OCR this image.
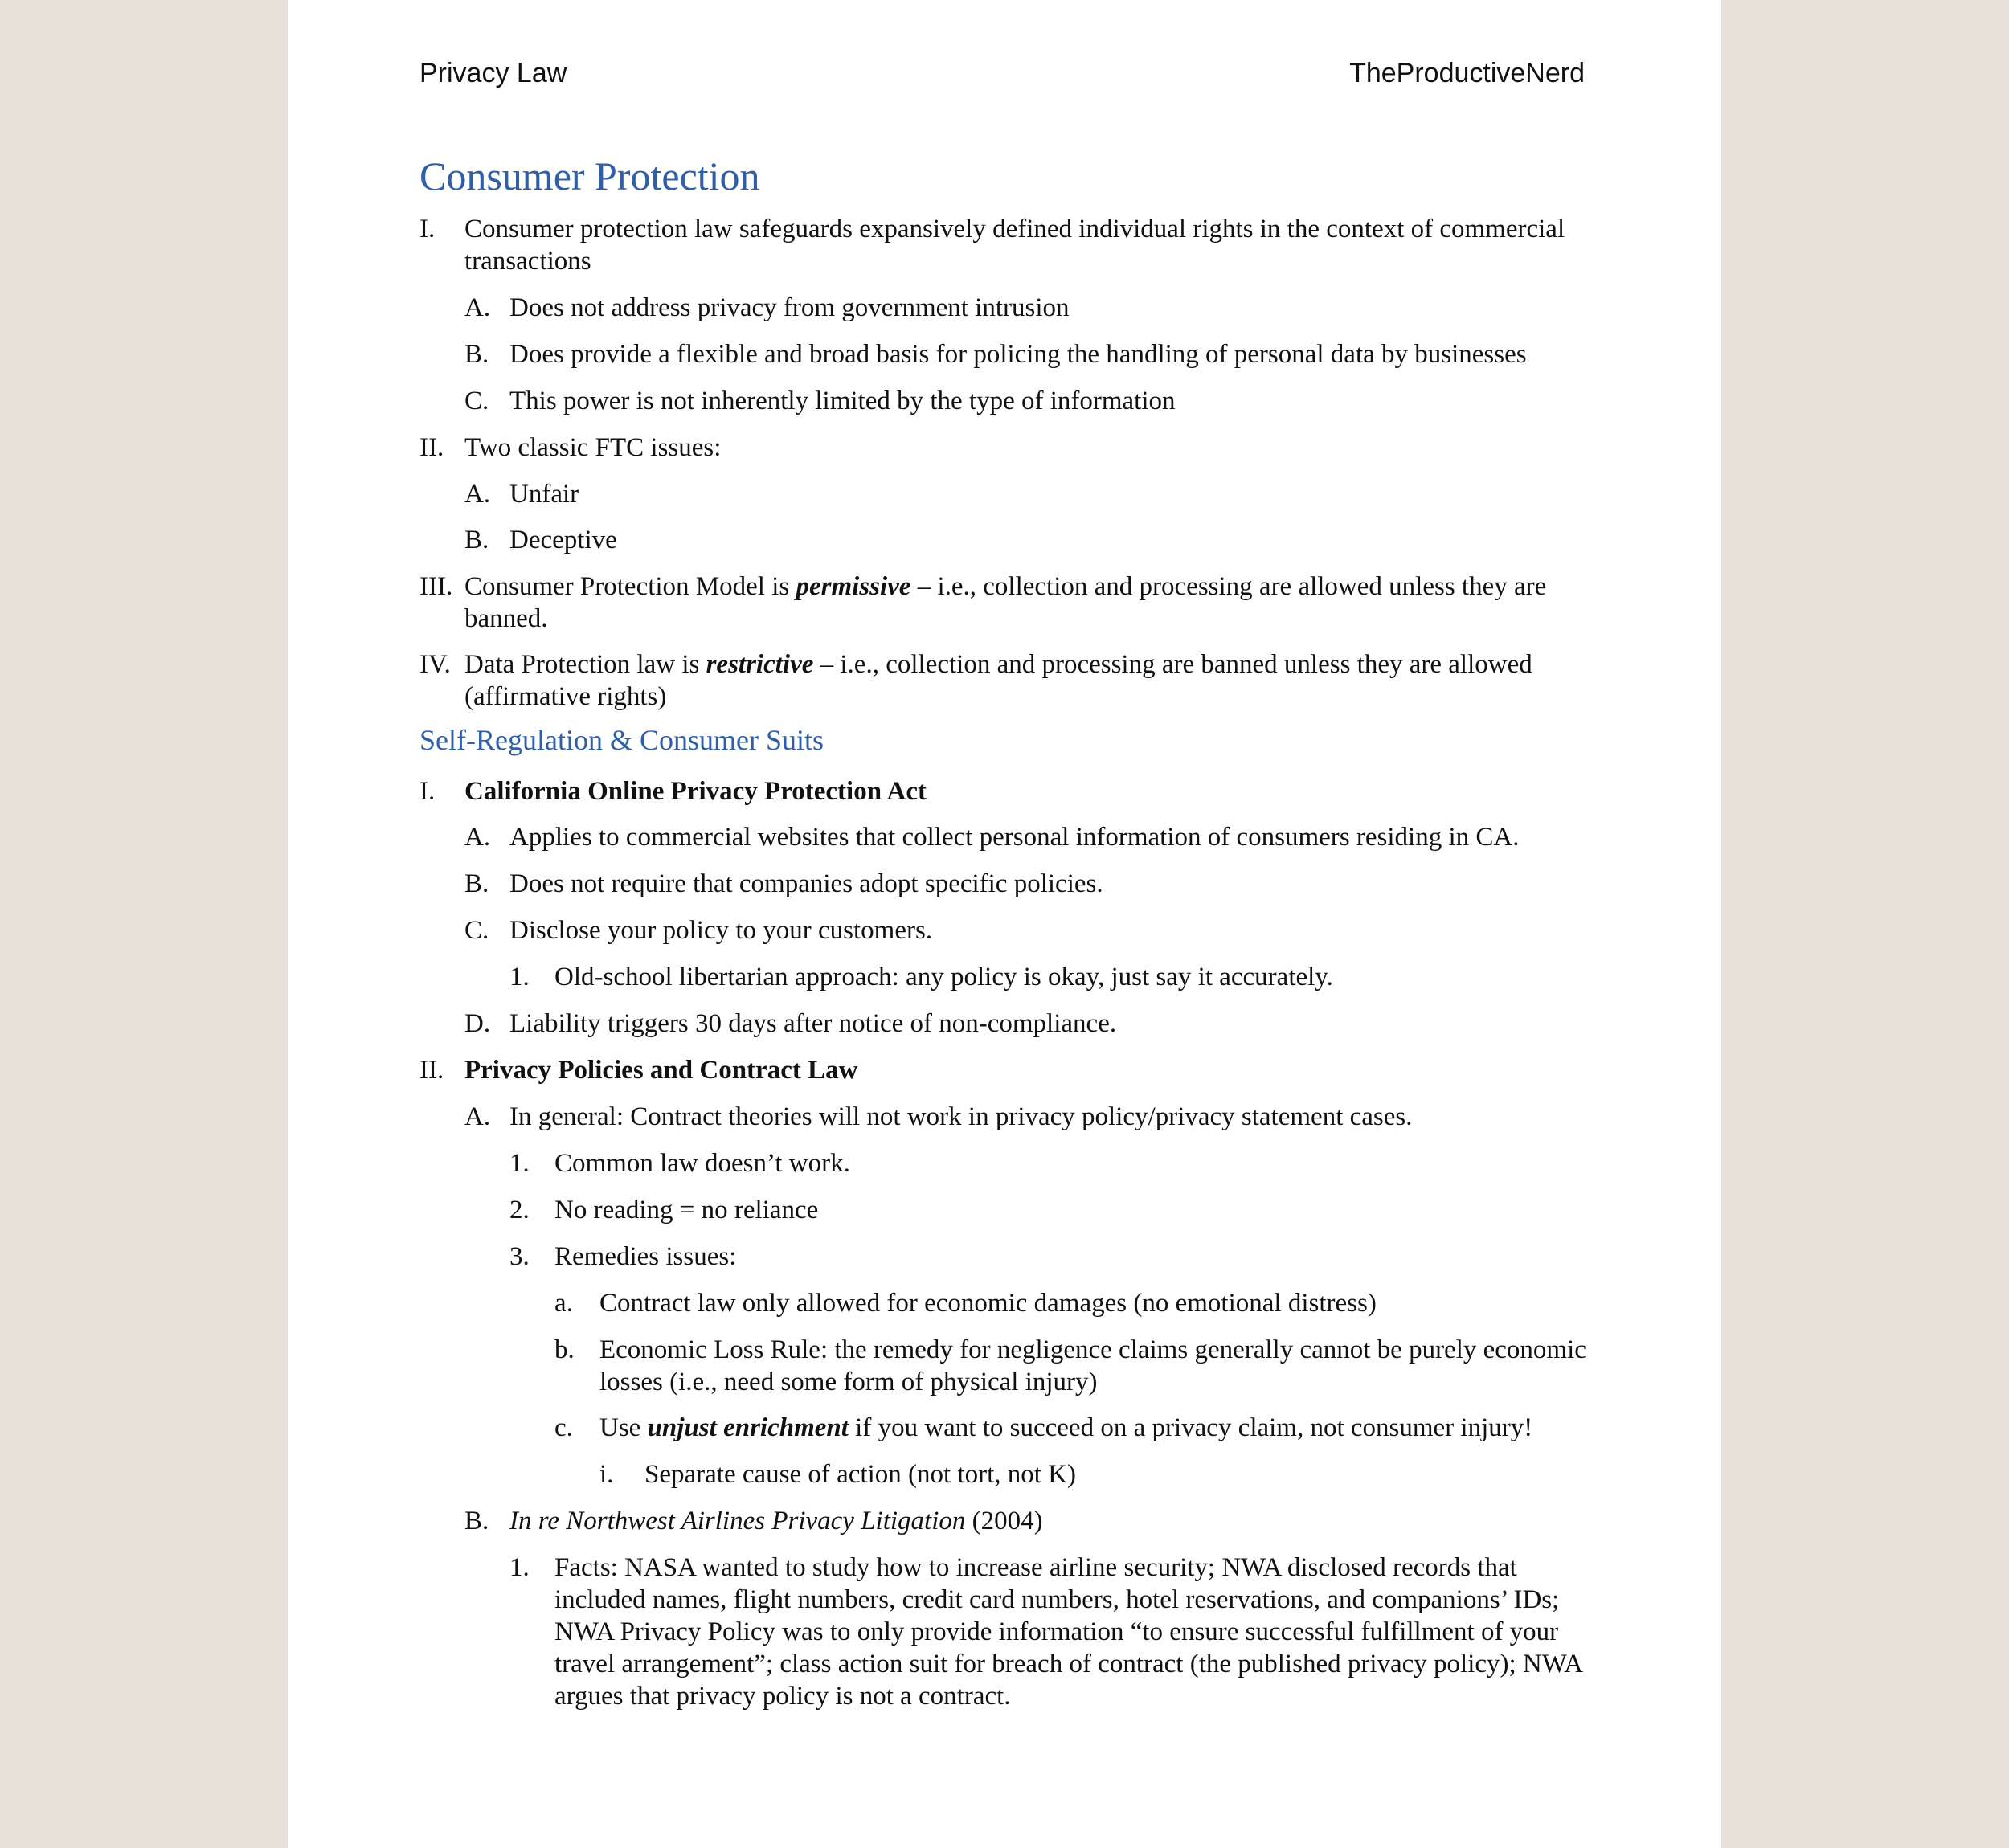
Privacy Law	TheProductiveNerd
Consumer Protection
I. Consumer protection law safeguards expansively defined individual rights in the context of commercial transactions
A. Does not address privacy from government intrusion
B. Does provide a flexible and broad basis for policing the handling of personal data by businesses
C. This power is not inherently limited by the type of information
II. Two classic FTC issues:
A. Unfair
B. Deceptive
III. Consumer Protection Model is permissive – i.e., collection and processing are allowed unless they are banned.
IV. Data Protection law is restrictive – i.e., collection and processing are banned unless they are allowed (affirmative rights)
Self-Regulation & Consumer Suits
I. California Online Privacy Protection Act
A. Applies to commercial websites that collect personal information of consumers residing in CA.
B. Does not require that companies adopt specific policies.
C. Disclose your policy to your customers.
1. Old-school libertarian approach: any policy is okay, just say it accurately.
D. Liability triggers 30 days after notice of non-compliance.
II. Privacy Policies and Contract Law
A. In general: Contract theories will not work in privacy policy/privacy statement cases.
1. Common law doesn’t work.
2. No reading = no reliance
3. Remedies issues:
a. Contract law only allowed for economic damages (no emotional distress)
b. Economic Loss Rule: the remedy for negligence claims generally cannot be purely economic losses (i.e., need some form of physical injury)
c. Use unjust enrichment if you want to succeed on a privacy claim, not consumer injury!
i. Separate cause of action (not tort, not K)
B. In re Northwest Airlines Privacy Litigation (2004)
1. Facts: NASA wanted to study how to increase airline security; NWA disclosed records that included names, flight numbers, credit card numbers, hotel reservations, and companions’ IDs; NWA Privacy Policy was to only provide information “to ensure successful fulfillment of your travel arrangement”; class action suit for breach of contract (the published privacy policy); NWA argues that privacy policy is not a contract.
